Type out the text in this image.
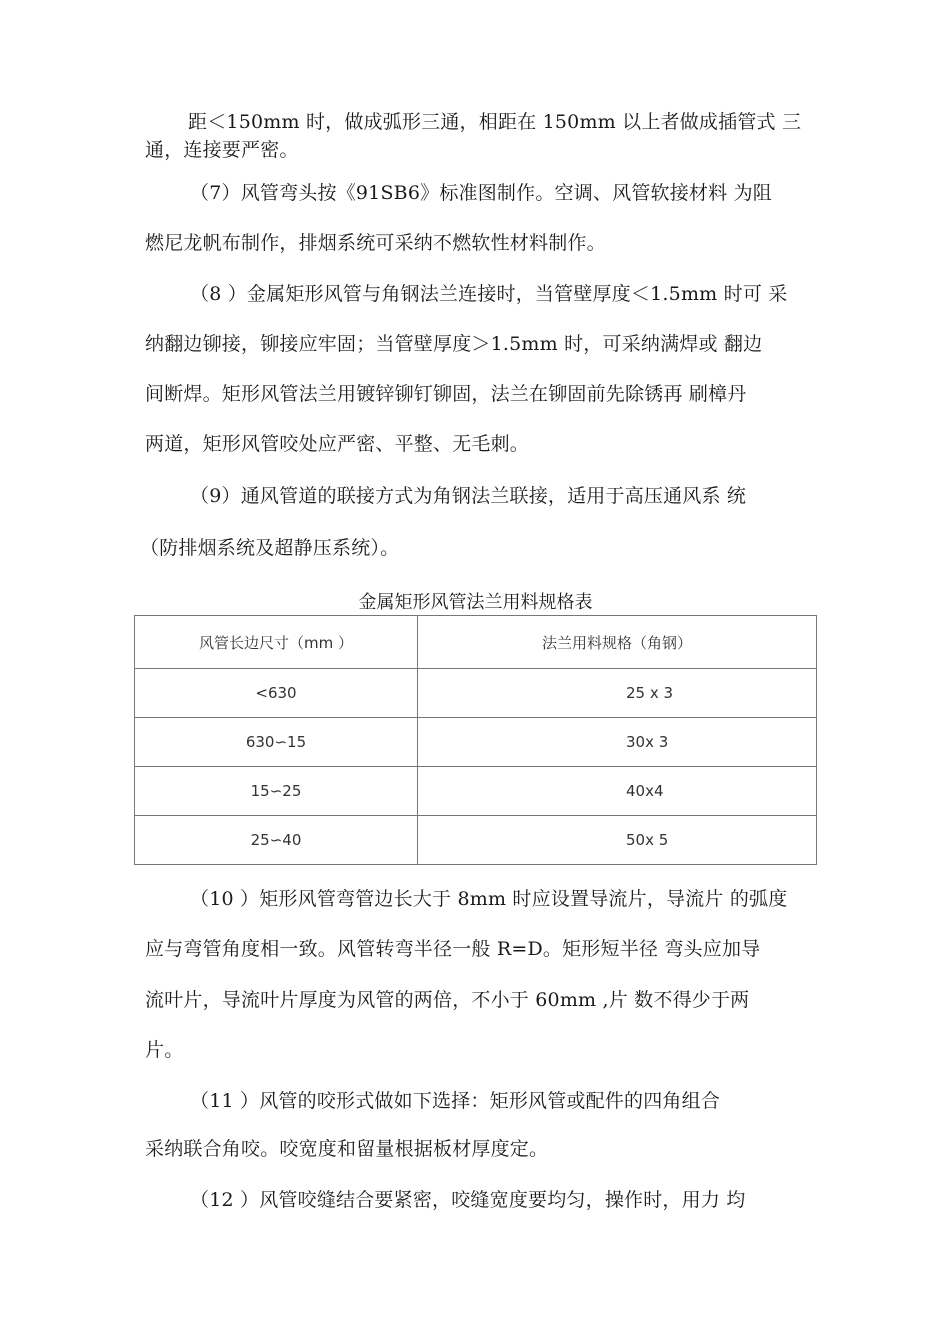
距＜150mm 时，做成弧形三通，相距在 150mm 以上者做成插管式 三

通，连接要严密。

（7）风管弯头按《91SB6》标准图制作。空调、风管软接材料 为阻

燃尼龙帆布制作，排烟系统可采纳不燃软性材料制作。

（8 ）金属矩形风管与角钢法兰连接时，当管壁厚度＜1.5mm 时可 采

纳翻边铆接，铆接应牢固；当管壁厚度＞1.5mm 时，可采纳满焊或 翻边

间断焊。矩形风管法兰用镀锌铆钉铆固，法兰在铆固前先除锈再 刷樟丹

两道，矩形风管咬处应严密、平整、无毛刺。

（9）通风管道的联接方式为角钢法兰联接，适用于高压通风系 统

（防排烟系统及超静压系统）。

金属矩形风管法兰用料规格表

风管长边尺寸（mm ）	法兰用料规格（角钢）
<630	25 x 3
630∽15	30x 3
15∽25	40x4
25∽40	50x 5

（10 ）矩形风管弯管边长大于 8mm 时应设置导流片，导流片 的弧度

应与弯管角度相一致。风管转弯半径一般 R=D。矩形短半径 弯头应加导

流叶片，导流叶片厚度为风管的两倍，不小于 60mm ,片 数不得少于两

片。

（11 ）风管的咬形式做如下选择：矩形风管或配件的四角组合

采纳联合角咬。咬宽度和留量根据板材厚度定。

（12 ）风管咬缝结合要紧密，咬缝宽度要均匀，操作时，用力 均
